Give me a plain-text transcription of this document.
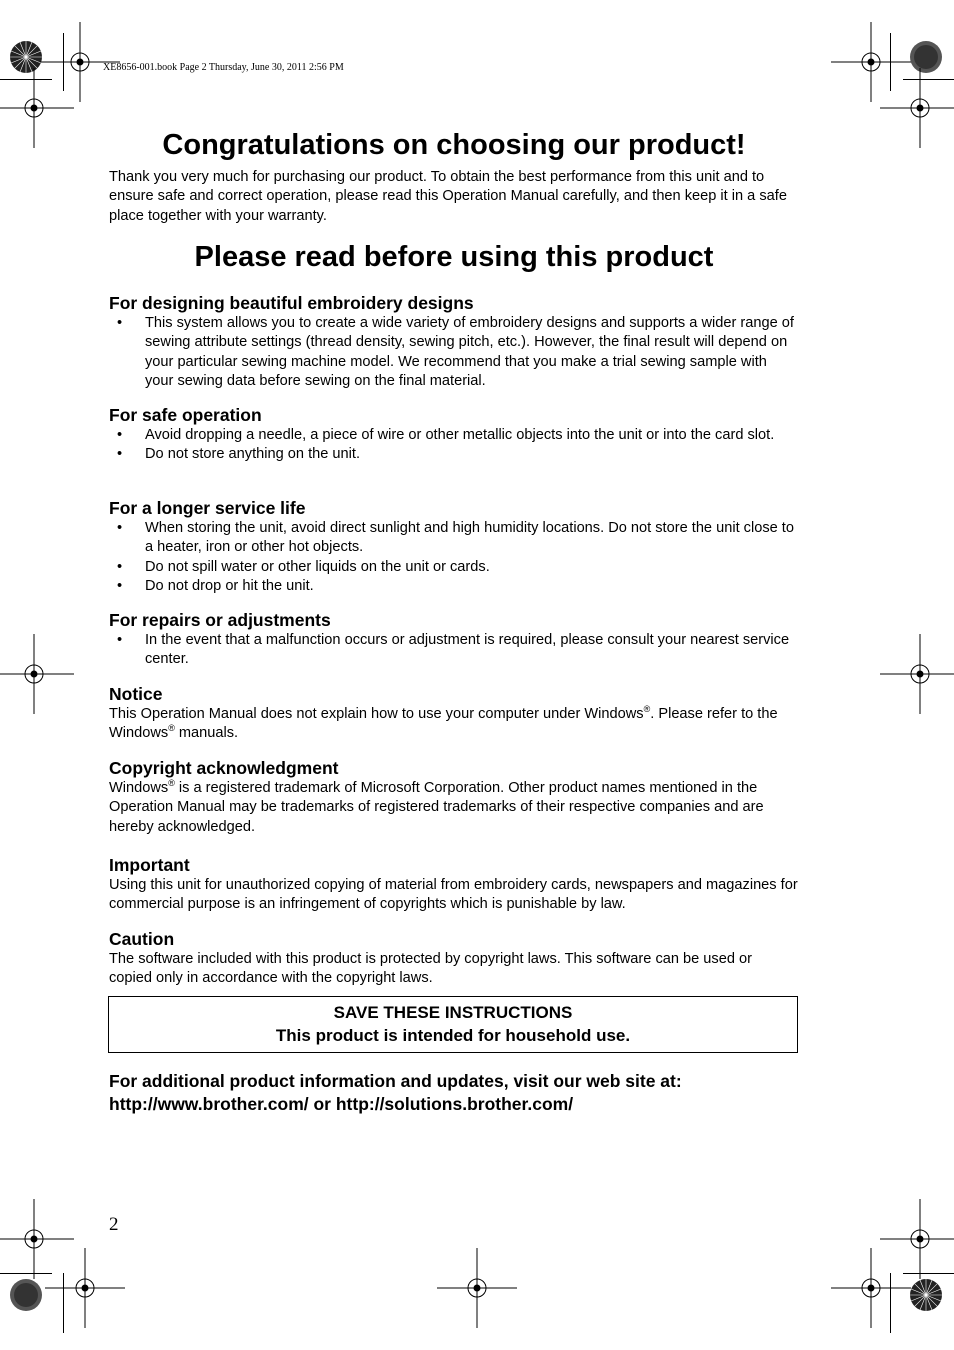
XE8656-001.book Page 2 Thursday, June 30, 2011 2:56 PM
Congratulations on choosing our product!

Thank you very much for purchasing our product. To obtain the best performance from this unit and to ensure safe and correct operation, please read this Operation Manual carefully, and then keep it in a safe place together with your warranty.

Please read before using this product

For designing beautiful embroidery designs

• This system allows you to create a wide variety of embroidery designs and supports a wider range of sewing attribute settings (thread density, sewing pitch, etc.). However, the final result will depend on your particular sewing machine model. We recommend that you make a trial sewing sample with your sewing data before sewing on the final material.

For safe operation

• Avoid dropping a needle, a piece of wire or other metallic objects into the unit or into the card slot.
• Do not store anything on the unit.

For a longer service life

• When storing the unit, avoid direct sunlight and high humidity locations. Do not store the unit close to a heater, iron or other hot objects.
• Do not spill water or other liquids on the unit or cards.
• Do not drop or hit the unit.

For repairs or adjustments

• In the event that a malfunction occurs or adjustment is required, please consult your nearest service center.

Notice

This Operation Manual does not explain how to use your computer under Windows®. Please refer to the Windows® manuals.

Copyright acknowledgment

Windows® is a registered trademark of Microsoft Corporation. Other product names mentioned in the Operation Manual may be trademarks of registered trademarks of their respective companies and are hereby acknowledged.

Important

Using this unit for unauthorized copying of material from embroidery cards, newspapers and magazines for commercial purpose is an infringement of copyrights which is punishable by law.

Caution

The software included with this product is protected by copyright laws. This software can be used or copied only in accordance with the copyright laws.

SAVE THESE INSTRUCTIONS
This product is intended for household use.
For additional product information and updates, visit our web site at:
http://www.brother.com/ or http://solutions.brother.com/
2
